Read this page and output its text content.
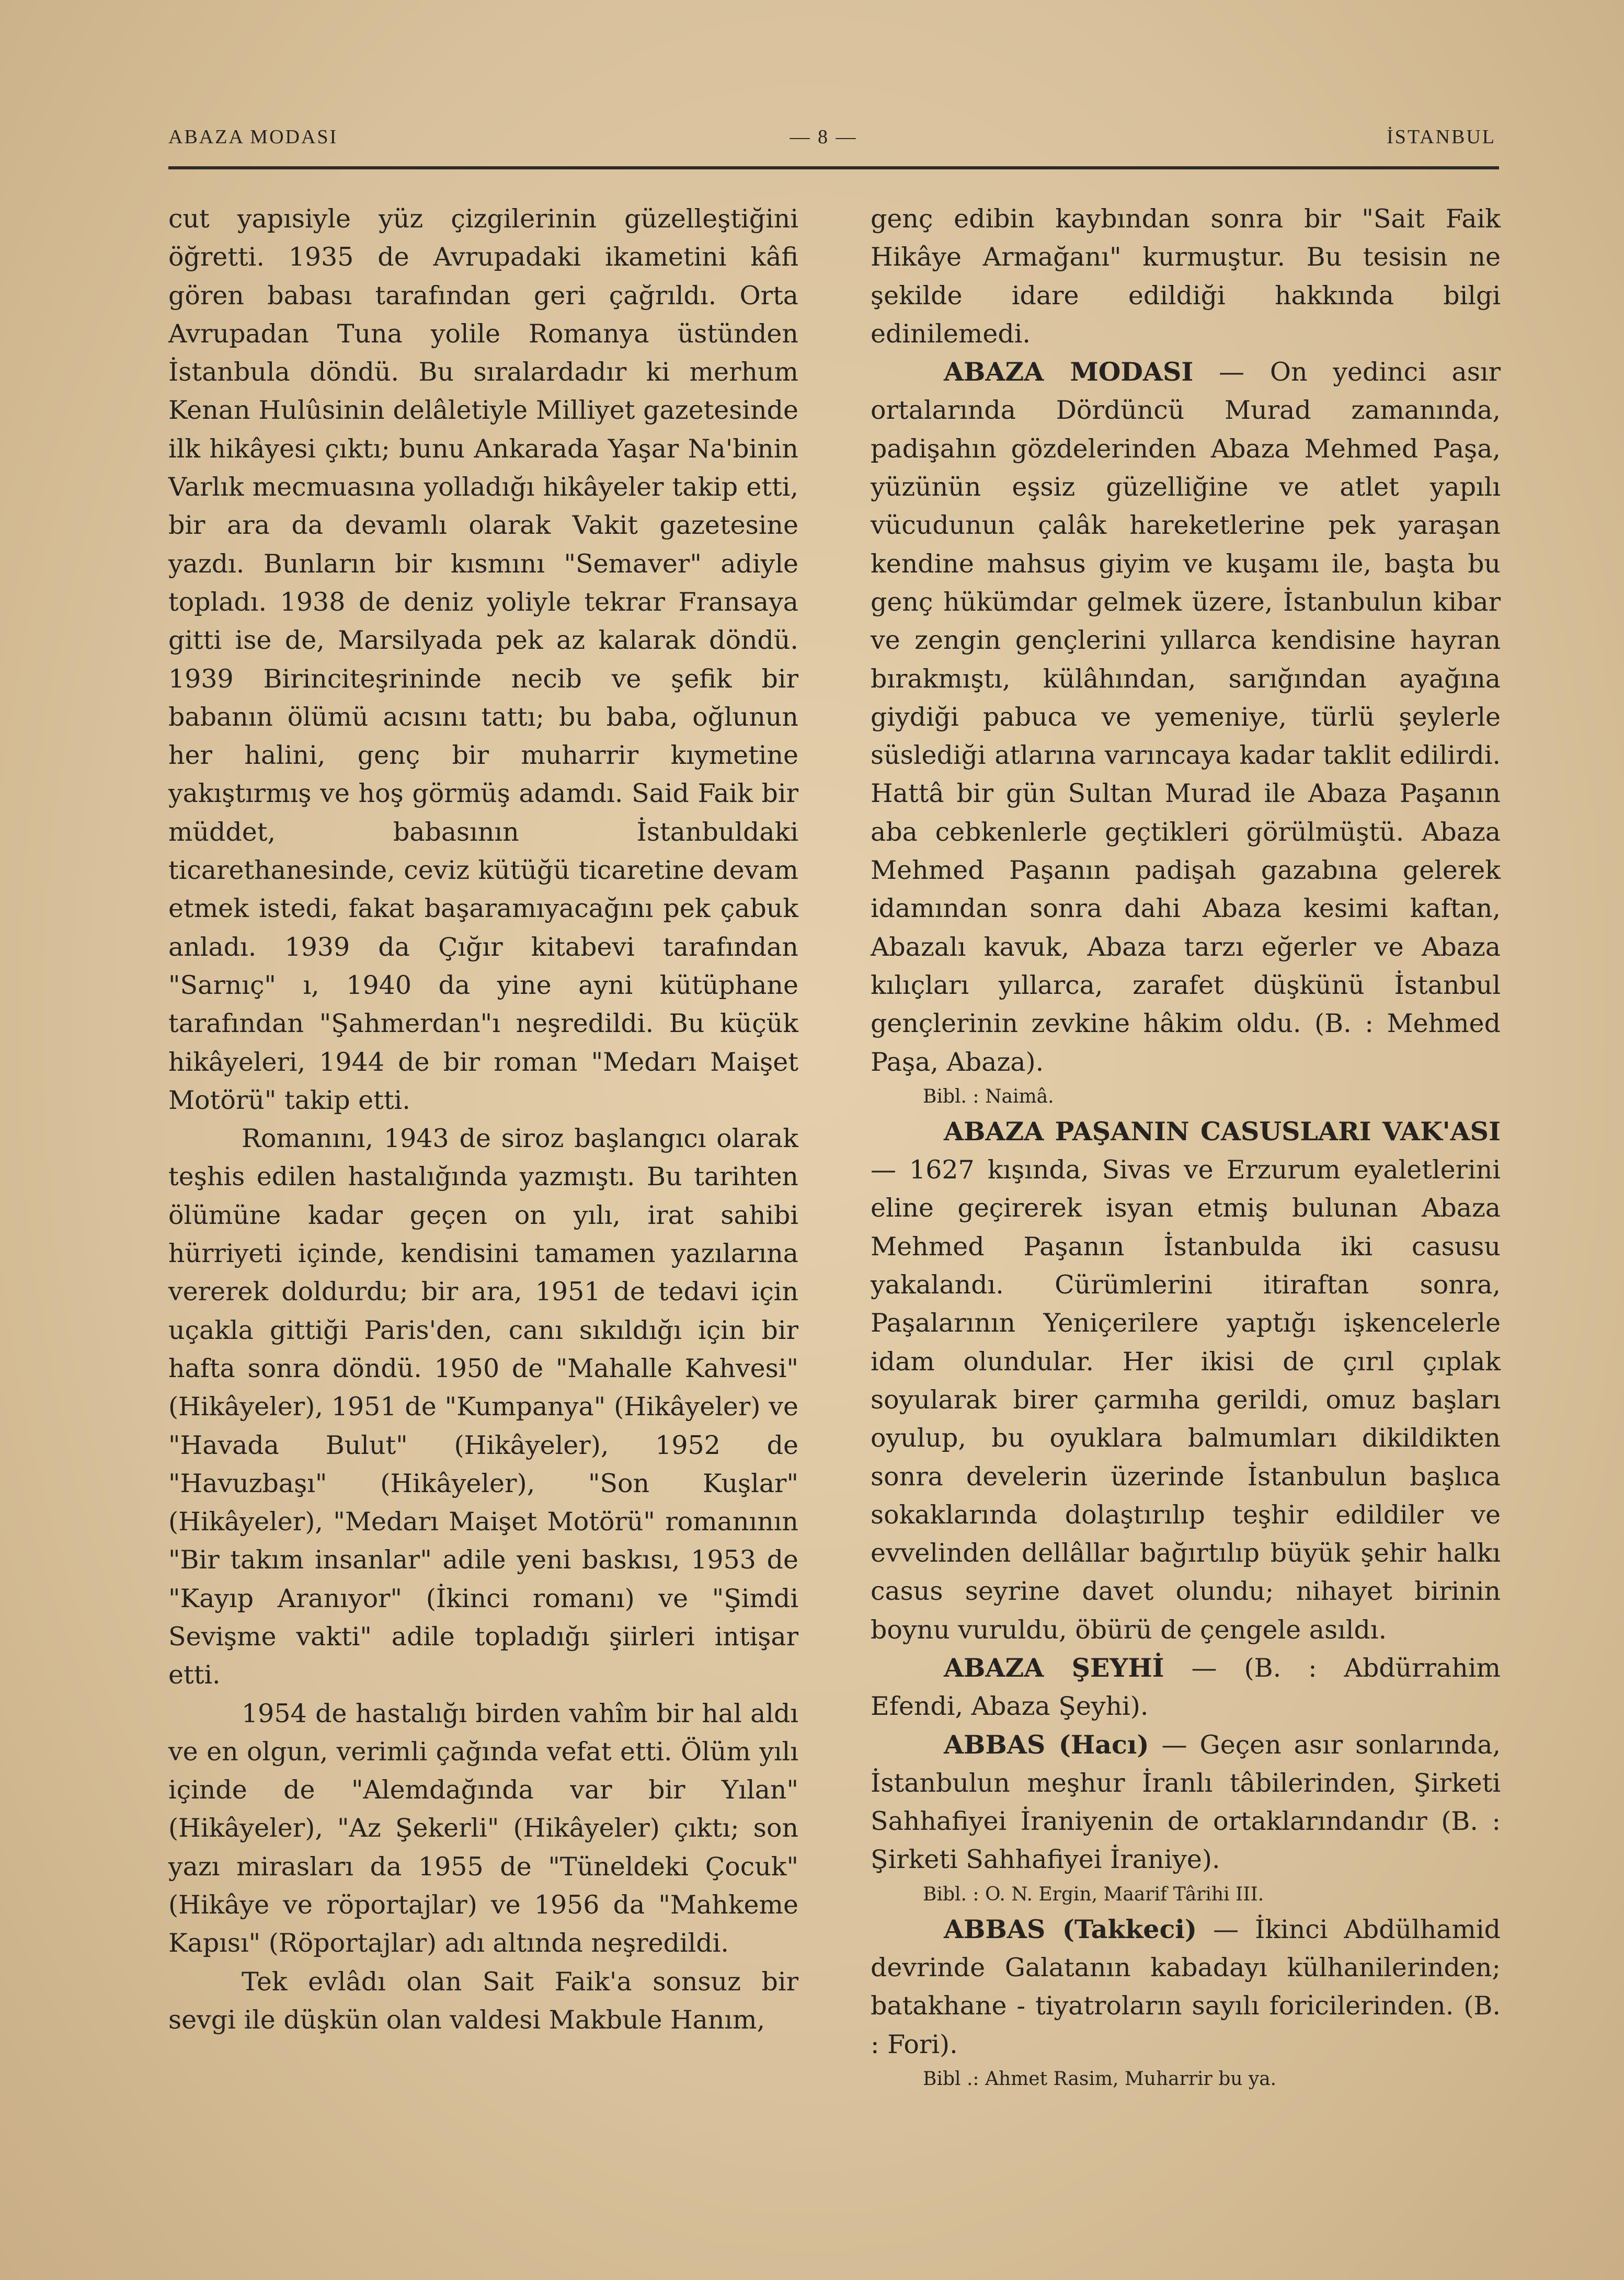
ABAZA MODASI	— 8 —	İSTANBUL

cut yapısiyle yüz çizgilerinin güzelleştiğini öğretti. 1935 de Avrupadaki ikametini kâfi gören babası tarafından geri çağrıldı. Orta Avrupadan Tuna yolile Romanya üstünden İstanbula döndü. Bu sıralardadır ki merhum Kenan Hulûsinin delâletiyle Milliyet gazetesinde ilk hikâyesi çıktı; bunu Ankarada Yaşar Na'binin Varlık mecmuasına yolladığı hikâyeler takip etti, bir ara da devamlı olarak Vakit gazetesine yazdı. Bunların bir kısmını "Semaver" adiyle topladı. 1938 de deniz yoliyle tekrar Fransaya gitti ise de, Marsilyada pek az kalarak döndü. 1939 Birinciteşrininde necib ve şefik bir babanın ölümü acısını tattı; bu baba, oğlunun her halini, genç bir muharrir kıymetine yakıştırmış ve hoş görmüş adamdı. Said Faik bir müddet, babasının İstanbuldaki ticarethanesinde, ceviz kütüğü ticaretine devam etmek istedi, fakat başaramıyacağını pek çabuk anladı. 1939 da Çığır kitabevi tarafından "Sarnıç" ı, 1940 da yine ayni kütüphane tarafından "Şahmerdan"ı neşredildi. Bu küçük hikâyeleri, 1944 de bir roman "Medarı Maişet Motörü" takip etti.

Romanını, 1943 de siroz başlangıcı olarak teşhis edilen hastalığında yazmıştı. Bu tarihten ölümüne kadar geçen on yılı, irat sahibi hürriyeti içinde, kendisini tamamen yazılarına vererek doldurdu; bir ara, 1951 de tedavi için uçakla gittiği Paris'den, canı sıkıldığı için bir hafta sonra döndü. 1950 de "Mahalle Kahvesi" (Hikâyeler), 1951 de "Kumpanya" (Hikâyeler) ve "Havada Bulut" (Hikâyeler), 1952 de "Havuzbaşı" (Hikâyeler), "Son Kuşlar" (Hikâyeler), "Medarı Maişet Motörü" romanının "Bir takım insanlar" adile yeni baskısı, 1953 de "Kayıp Aranıyor" (İkinci romanı) ve "Şimdi Sevişme vakti" adile topladığı şiirleri intişar etti.

1954 de hastalığı birden vahîm bir hal aldı ve en olgun, verimli çağında vefat etti. Ölüm yılı içinde de "Alemdağında var bir Yılan" (Hikâyeler), "Az Şekerli" (Hikâyeler) çıktı; son yazı mirasları da 1955 de "Tüneldeki Çocuk" (Hikâye ve röportajlar) ve 1956 da "Mahkeme Kapısı" (Röportajlar) adı altında neşredildi.

Tek evlâdı olan Sait Faik'a sonsuz bir sevgi ile düşkün olan valdesi Makbule Hanım,

genç edibin kaybından sonra bir "Sait Faik Hikâye Armağanı" kurmuştur. Bu tesisin ne şekilde idare edildiği hakkında bilgi edinilemedi.

ABAZA MODASI — On yedinci asır ortalarında Dördüncü Murad zamanında, padişahın gözdelerinden Abaza Mehmed Paşa, yüzünün eşsiz güzelliğine ve atlet yapılı vücudunun çalâk hareketlerine pek yaraşan kendine mahsus giyim ve kuşamı ile, başta bu genç hükümdar gelmek üzere, İstanbulun kibar ve zengin gençlerini yıllarca kendisine hayran bırakmıştı, külâhından, sarığından ayağına giydiği pabuca ve yemeniye, türlü şeylerle süslediği atlarına varıncaya kadar taklit edilirdi. Hattâ bir gün Sultan Murad ile Abaza Paşanın aba cebkenlerle geçtikleri görülmüştü. Abaza Mehmed Paşanın padişah gazabına gelerek idamından sonra dahi Abaza kesimi kaftan, Abazalı kavuk, Abaza tarzı eğerler ve Abaza kılıçları yıllarca, zarafet düşkünü İstanbul gençlerinin zevkine hâkim oldu. (B. : Mehmed Paşa, Abaza).

Bibl. : Naimâ.

ABAZA PAŞANIN CASUSLARI VAK'ASI — 1627 kışında, Sivas ve Erzurum eyaletlerini eline geçirerek isyan etmiş bulunan Abaza Mehmed Paşanın İstanbulda iki casusu yakalandı. Cürümlerini itiraftan sonra, Paşalarının Yeniçerilere yaptığı işkencelerle idam olundular. Her ikisi de çırıl çıplak soyularak birer çarmıha gerildi, omuz başları oyulup, bu oyuklara balmumları dikildikten sonra develerin üzerinde İstanbulun başlıca sokaklarında dolaştırılıp teşhir edildiler ve evvelinden dellâllar bağırtılıp büyük şehir halkı casus seyrine davet olundu; nihayet birinin boynu vuruldu, öbürü de çengele asıldı.

ABAZA ŞEYHİ — (B. : Abdürrahim Efendi, Abaza Şeyhi).

ABBAS (Hacı) — Geçen asır sonlarında, İstanbulun meşhur İranlı tâbilerinden, Şirketi Sahhafiyei İraniyenin de ortaklarındandır (B. : Şirketi Sahhafiyei İraniye).

Bibl. : O. N. Ergin, Maarif Târihi III.

ABBAS (Takkeci) — İkinci Abdülhamid devrinde Galatanın kabadayı külhanilerinden; batakhane - tiyatroların sayılı fori̇cilerinden. (B. : Fori).

Bibl .: Ahmet Rasim, Muharrir bu ya.
